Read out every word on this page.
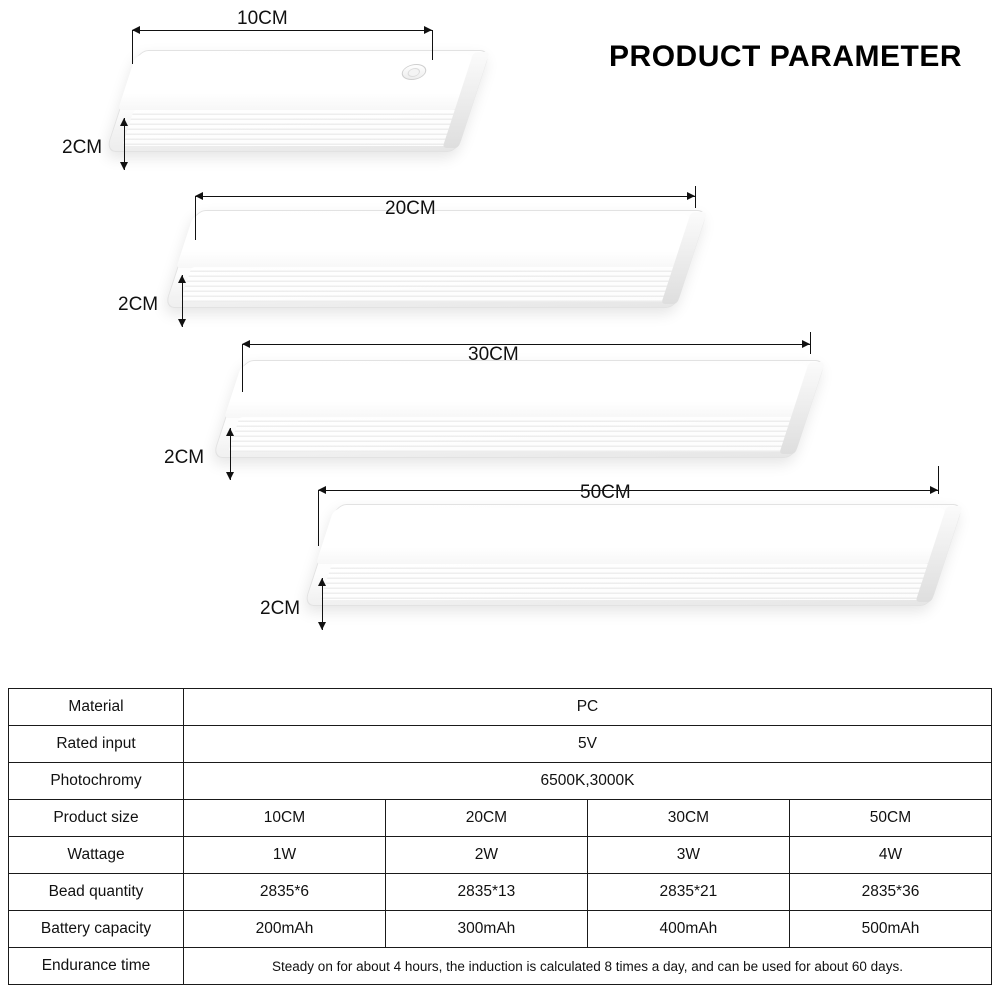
PRODUCT PARAMETER
10CM
2CM
20CM
2CM
30CM
2CM
50CM
2CM
Material	PC			
Rated input	5V			
Photochromy	6500K,3000K			
Product size	10CM	20CM	30CM	50CM
Wattage	1W	2W	3W	4W
Bead quantity	2835*6	2835*13	2835*21	2835*36
Battery capacity	200mAh	300mAh	400mAh	500mAh
Endurance time	Steady on for about 4 hours, the induction is calculated 8 times a day, and can be used for about 60 days.			
